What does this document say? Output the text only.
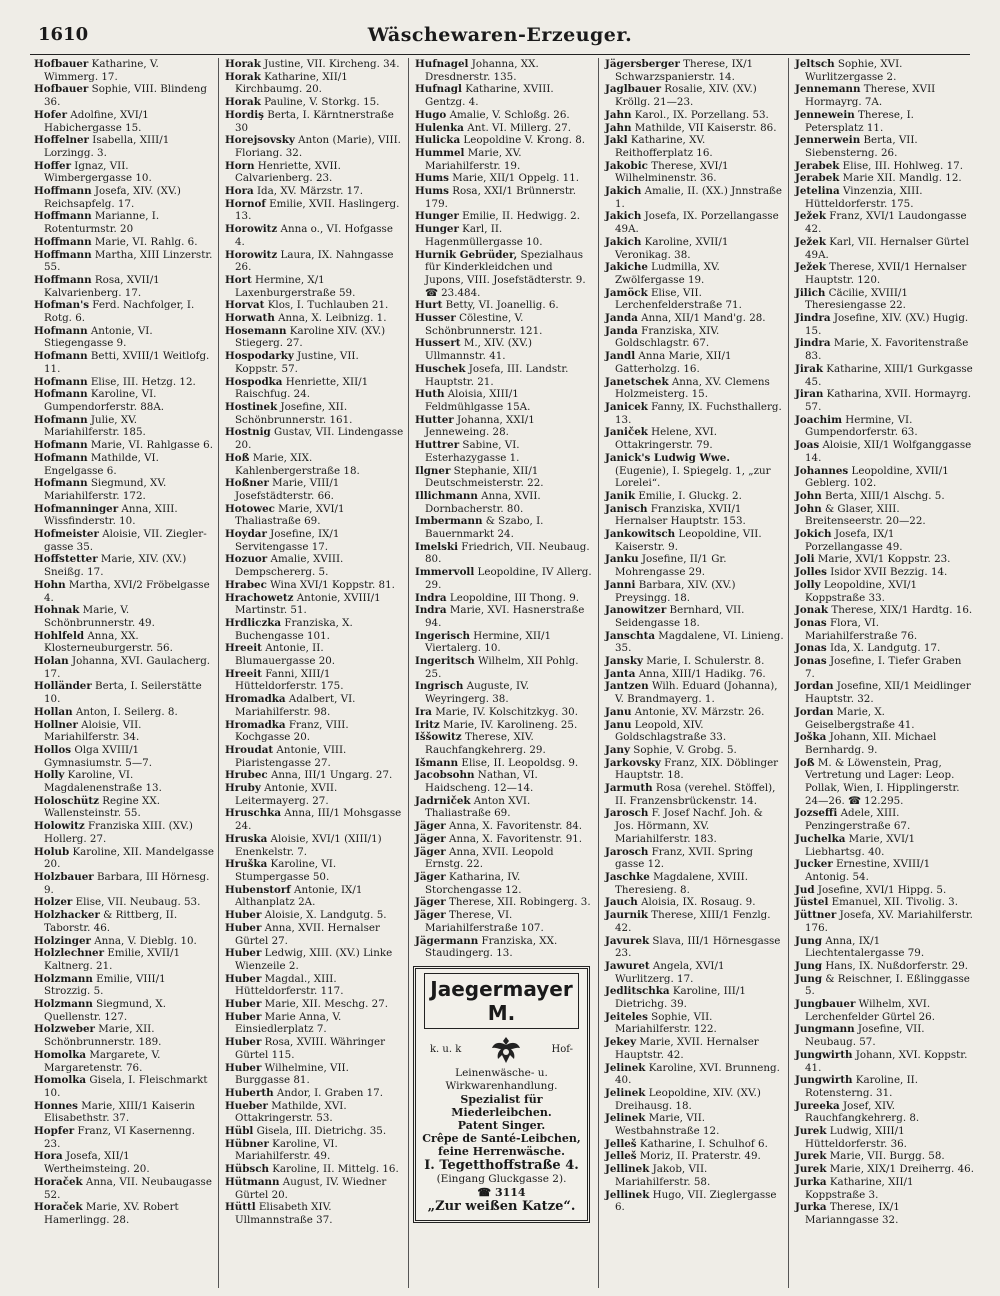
1610	Wäschewaren-Erzeuger.

Hofbauer Katharine, V. Wimmerg. 17.

Hofbauer Sophie, VIII. Blindeng 36.

Hofer Adolfine, XVI/1 Habichergasse 15.

Hoffelner Isabella, XIII/1 Lorzingg. 3.

Hoffer Ignaz, VII. Wimbergergasse 10.

Hoffmann Josefa, XIV. (XV.) Reichsapfelg. 17.

Hoffmann Marianne, I. Rotenturmstr. 20

Hoffmann Marie, VI. Rahlg. 6.

Hoffmann Martha, XIII Linzerstr. 55.

Hoffmann Rosa, XVII/1 Kalvarienberg. 17.

Hofman's Ferd. Nachfolger, I. Rotg. 6.

Hofmann Antonie, VI. Stiegengasse 9.

Hofmann Betti, XVIII/1 Weitlofg. 11.

Hofmann Elise, III. Hetzg. 12.

Hofmann Karoline, VI. Gumpendorferstr. 88A.

Hofmann Julie, XV. Mariahilferstr. 185.

Hofmann Marie, VI. Rahlgasse 6.

Hofmann Mathilde, VI. Engelgasse 6.

Hofmann Siegmund, XV. Mariahilferstr. 172.

Hofmanninger Anna, XIII. Wissfinderstr. 10.

Hofmeister Aloisie, VII. Ziegler- gasse 35.

Hoffstetter Marie, XIV. (XV.) Sneißg. 17.

Hohn Martha, XVI/2 Fröbelgasse 4.

Hohnak Marie, V. Schönbrunnerstr. 49.

Hohlfeld Anna, XX. Klosterneuburgerstr. 56.

Holan Johanna, XVI. Gaulacherg. 17.

Holländer Berta, I. Seilerstätte 10.

Hollan Anton, I. Seilerg. 8.

Hollner Aloisie, VII. Mariahilferstr. 34.

Hollos Olga XVIII/1 Gymnasiumstr. 5—7.

Holly Karoline, VI. Magdalenenstraße 13.

Holoschütz Regine XX. Wallensteinstr. 55.

Holowitz Franziska XIII. (XV.) Hollerg. 27.

Holub Karoline, XII. Mandelgasse 20.

Holzbauer Barbara, III Hörnesg. 9.

Holzer Elise, VII. Neubaug. 53.

Holzhacker & Rittberg, II. Taborstr. 46.

Holzinger Anna, V. Dieblg. 10.

Holzlechner Emilie, XVII/1 Kaltnerg. 21.

Holzmann Emilie, VIII/1 Strozzig. 5.

Holzmann Siegmund, X. Quellenstr. 127.

Holzweber Marie, XII. Schönbrunnerstr. 189.

Homolka Margarete, V. Margaretenstr. 76.

Homolka Gisela, I. Fleischmarkt 10.

Honnes Marie, XIII/1 Kaiserin Elisabethstr. 37.

Hopfer Franz, VI Kasernenng. 23.

Hora Josefa, XII/1 Wertheimsteing. 20.

Horaček Anna, VII. Neubaugasse 52.

Horaček Marie, XV. Robert Hamerlingg. 28.

Horak Justine, VII. Kircheng. 34.

Horak Katharine, XII/1 Kirchbaumg. 20.

Horak Pauline, V. Storkg. 15.

Hordiş Berta, I. Kärntnerstraße 30

Horejsovsky Anton (Marie), VIII. Floriang. 32.

Horn Henriette, XVII. Calvarienberg. 23.

Hora Ida, XV. Märzstr. 17.

Hornof Emilie, XVII. Haslingerg. 13.

Horowitz Anna o., VI. Hofgasse 4.

Horowitz Laura, IX. Nahngasse 26.

Hort Hermine, X/1 Laxenburgerstraße 59.

Horvat Klos, I. Tuchlauben 21.

Horwath Anna, X. Leibnizg. 1.

Hosemann Karoline XIV. (XV.) Stiegerg. 27.

Hospodarky Justine, VII. Koppstr. 57.

Hospodka Henriette, XII/1 Raischfug. 24.

Hostinek Josefine, XII. Schönbrunnerstr. 161.

Hostnig Gustav, VII. Lindengasse 20.

Hoß Marie, XIX. Kahlenbergerstraße 18.

Hoßner Marie, VIII/1 Josefstädterstr. 66.

Hotowec Marie, XVI/1 Thaliastraße 69.

Hoydar Josefine, IX/1 Servitengasse 17.

Hozuor Amalie, XVIII. Dempschererg. 5.

Hrabec Wina XVI/1 Koppstr. 81.

Hrachowetz Antonie, XVIII/1 Martinstr. 51.

Hrdliczka Franziska, X. Buchengasse 101.

Hreeit Antonie, II. Blumauergasse 20.

Hreeit Fanni, XIII/1 Hütteldorferstr. 175.

Hromadka Adalbert, VI. Mariahilferstr. 98.

Hromadka Franz, VIII. Kochgasse 20.

Hroudat Antonie, VIII. Piaristengasse 27.

Hrubec Anna, III/1 Ungarg. 27.

Hruby Antonie, XVII. Leitermayerg. 27.

Hruschka Anna, III/1 Mohsgasse 24.

Hruska Aloisie, XVI/1 (XIII/1) Enenkelstr. 7.

Hruška Karoline, VI. Stumpergasse 50.

Hubenstorf Antonie, IX/1 Althanplatz 2A.

Huber Aloisie, X. Landgutg. 5.

Huber Anna, XVII. Hernalser Gürtel 27.

Huber Ledwig, XIII. (XV.) Linke Wienzeile 2.

Huber Magdal., XIII. Hütteldorferstr. 117.

Huber Marie, XII. Meschg. 27.

Huber Marie Anna, V. Einsiedlerplatz 7.

Huber Rosa, XVIII. Währinger Gürtel 115.

Huber Wilhelmine, VII. Burggasse 81.

Huberth Andor, I. Graben 17.

Hueber Mathilde, XVI. Ottakringerstr. 53.

Hübl Gisela, III. Dietrichg. 35.

Hübner Karoline, VI. Mariahilferstr. 49.

Hübsch Karoline, II. Mittelg. 16.

Hütmann August, IV. Wiedner Gürtel 20.

Hüttl Elisabeth XIV. Ullmannstraße 37.

Hufnagel Johanna, XX. Dresdnerstr. 135.

Hufnagl Katharine, XVIII. Gentzg. 4.

Hugo Amalie, V. Schloßg. 26.

Hulenka Ant. VI. Millerg. 27.

Hulicka Leopoldine V. Krong. 8.

Hummel Marie, XV. Mariahilferstr. 19.

Hums Marie, XII/1 Oppelg. 11.

Hums Rosa, XXI/1 Brünnerstr. 179.

Hunger Emilie, II. Hedwigg. 2.

Hunger Karl, II. Hagenmüllergasse 10.

Hurnik Gebrüder, Spezialhaus für Kinderkleidchen und Jupons, VIII. Josefstädterstr. 9. ☎ 23.484.

Hurt Betty, VI. Joanellig. 6.

Husser Cölestine, V. Schönbrunnerstr. 121.

Hussert M., XIV. (XV.) Ullmannstr. 41.

Huschek Josefa, III. Landstr. Hauptstr. 21.

Huth Aloisia, XIII/1 Feldmühlgasse 15A.

Hutter Johanna, XXI/1 Jenneweing. 28.

Huttrer Sabine, VI. Esterhazygasse 1.

Ilgner Stephanie, XII/1 Deutschmeisterstr. 22.

Illichmann Anna, XVII. Dornbacherstr. 80.

Imbermann & Szabo, I. Bauernmarkt 24.

Imelski Friedrich, VII. Neubaug. 80.

Immervoll Leopoldine, IV Allerg. 29.

Indra Leopoldine, III Thong. 9.

Indra Marie, XVI. Hasnerstraße 94.

Ingerisch Hermine, XII/1 Viertalerg. 10.

Ingeritsch Wilhelm, XII Pohlg. 25.

Ingrisch Auguste, IV. Weyringerg. 38.

Ira Marie, IV. Kolschitzkyg. 30.

Iritz Marie, IV. Karolineng. 25.

Iššowitz Therese, XIV. Rauchfangkehrerg. 29.

Išmann Elise, II. Leopoldsg. 9.

Jacobsohn Nathan, VI. Haidscheng. 12—14.

Jadrniček Anton XVI. Thaliastraße 69.

Jäger Anna, X. Favoritenstr. 84.

Jäger Anna, X. Favoritenstr. 91.

Jäger Anna, XVII. Leopold Ernstg. 22.

Jäger Katharina, IV. Storchengasse 12.

Jäger Therese, XII. Robingerg. 3.

Jäger Therese, VI. Mariahilferstraße 107.

Jägermann Franziska, XX. Staudingerg. 13.

Jaegermayer M.
k. u. k	Hof-
Leinenwäsche- u. Wirkwarenhandlung.
Spezialist für Miederleibchen.
Patent Singer.
Crêpe de Santé-Leibchen,
feine Herrenwäsche.
I. Tegetthoffstraße 4.
(Eingang Gluckgasse 2).
☎ 3114
„Zur weißen Katze“.

Jägersberger Therese, IX/1 Schwarzspanierstr. 14.

Jaglbauer Rosalie, XIV. (XV.) Kröllg. 21—23.

Jahn Karol., IX. Porzellang. 53.

Jahn Mathilde, VII Kaiserstr. 86.

Jakl Katharine, XV. Reithofferplatz 16.

Jakobic Therese, XVI/1 Wilhelminenstr. 36.

Jakich Amalie, II. (XX.) Jnnstraße 1.

Jakich Josefa, IX. Porzellangasse 49A.

Jakich Karoline, XVII/1 Veronikag. 38.

Jakiche Ludmilla, XV. Zwölfergasse 19.

Jamöck Elise, VII. Lerchenfelderstraße 71.

Janda Anna, XII/1 Mand'g. 28.

Janda Franziska, XIV. Goldschlagstr. 67.

Jandl Anna Marie, XII/1 Gatterholzg. 16.

Janetschek Anna, XV. Clemens Holzmeisterg. 15.

Janicek Fanny, IX. Fuchsthallerg. 13.

Janiček Helene, XVI. Ottakringerstr. 79.

Janick's Ludwig Wwe. (Eugenie), I. Spiegelg. 1, „zur Lorelei“.

Janik Emilie, I. Gluckg. 2.

Janisch Franziska, XVII/1 Hernalser Hauptstr. 153.

Jankowitsch Leopoldine, VII. Kaiserstr. 9.

Janku Josefine, II/1 Gr. Mohrengasse 29.

Janni Barbara, XIV. (XV.) Preysingg. 18.

Janowitzer Bernhard, VII. Seidengasse 18.

Janschta Magdalene, VI. Linieng. 35.

Jansky Marie, I. Schulerstr. 8.

Janta Anna, XIII/1 Hadikg. 76.

Jantzen Wilh. Eduard (Johanna), V. Brandmayerg. 1.

Janu Antonie, XV. Märzstr. 26.

Janu Leopold, XIV. Goldschlagstraße 33.

Jany Sophie, V. Grobg. 5.

Jarkovsky Franz, XIX. Döblinger Hauptstr. 18.

Jarmuth Rosa (verehel. Stöffel), II. Franzensbrückenstr. 14.

Jarosch F. Josef Nachf. Joh. & Jos. Hörmann, XV. Mariahilferstr. 183.

Jarosch Franz, XVII. Spring gasse 12.

Jaschke Magdalene, XVIII. Theresieng. 8.

Jauch Aloisia, IX. Rosaug. 9.

Jaurnik Therese, XIII/1 Fenzlg. 42.

Javurek Slava, III/1 Hörnesgasse 23.

Jawuret Angela, XVI/1 Wurlitzerg. 17.

Jedlitschka Karoline, III/1 Dietrichg. 39.

Jeiteles Sophie, VII. Mariahilferstr. 122.

Jekey Marie, XVII. Hernalser Hauptstr. 42.

Jelinek Karoline, XVI. Brunneng. 40.

Jelinek Leopoldine, XIV. (XV.) Dreihausg. 18.

Jelinek Marie, VII. Westbahnstraße 12.

Jelleš Katharine, I. Schulhof 6.

Jelleš Moriz, II. Praterstr. 49.

Jellinek Jakob, VII. Mariahilferstr. 58.

Jellinek Hugo, VII. Zieglergasse 6.

Jeltsch Sophie, XVI. Wurlitzergasse 2.

Jennemann Therese, XVII Hormayrg. 7A.

Jennewein Therese, I. Petersplatz 11.

Jennerwein Berta, VII. Siebensterng. 26.

Jerabek Elise, III. Hohlweg. 17.

Jerabek Marie XII. Mandlg. 12.

Jetelina Vinzenzia, XIII. Hütteldorferstr. 175.

Ježek Franz, XVI/1 Laudongasse 42.

Ježek Karl, VII. Hernalser Gürtel 49A.

Ježek Therese, XVII/1 Hernalser Hauptstr. 120.

Jilich Cäcilie, XVIII/1 Theresiengasse 22.

Jindra Josefine, XIV. (XV.) Hugig. 15.

Jindra Marie, X. Favoritenstraße 83.

Jirak Katharine, XIII/1 Gurkgasse 45.

Jiran Katharina, XVII. Hormayrg. 57.

Joachim Hermine, VI. Gumpendorferstr. 63.

Joas Aloisie, XII/1 Wolfganggasse 14.

Johannes Leopoldine, XVII/1 Geblerg. 102.

John Berta, XIII/1 Alschg. 5.

John & Glaser, XIII. Breitenseerstr. 20—22.

Jokich Josefa, IX/1 Porzellangasse 49.

Joli Marie, XVI/1 Koppstr. 23.

Jolles Isidor XVII Bezzig. 14.

Jolly Leopoldine, XVI/1 Koppstraße 33.

Jonak Therese, XIX/1 Hardtg. 16.

Jonas Flora, VI. Mariahilferstraße 76.

Jonas Ida, X. Landgutg. 17.

Jonas Josefine, I. Tiefer Graben 7.

Jordan Josefine, XII/1 Meidlinger Hauptstr. 32.

Jordan Marie, X. Geiselbergstraße 41.

Joška Johann, XII. Michael Bernhardg. 9.

Joß M. & Löwenstein, Prag, Vertretung und Lager: Leop. Pollak, Wien, I. Hipplingerstr. 24—26. ☎ 12.295.

Jozseffi Adele, XIII. Penzingerstraße 67.

Juchelka Marie, XVI/1 Liebhartsg. 40.

Jucker Ernestine, XVIII/1 Antonig. 54.

Jud Josefine, XVI/1 Hippg. 5.

Jüstel Emanuel, XII. Tivolig. 3.

Jüttner Josefa, XV. Mariahilferstr. 176.

Jung Anna, IX/1 Liechtentalergasse 79.

Jung Hans, IX. Nußdorferstr. 29.

Jung & Reischner, I. Eßlinggasse 5.

Jungbauer Wilhelm, XVI. Lerchenfelder Gürtel 26.

Jungmann Josefine, VII. Neubaug. 57.

Jungwirth Johann, XVI. Koppstr. 41.

Jungwirth Karoline, II. Rotensterng. 31.

Jureeka Josef, XIV. Rauchfangkehrerg. 8.

Jurek Ludwig, XIII/1 Hütteldorferstr. 36.

Jurek Marie, VII. Burgg. 58.

Jurek Marie, XIX/1 Dreiherrg. 46.

Jurka Katharine, XII/1 Koppstraße 3.

Jurka Therese, IX/1 Marianngasse 32.
